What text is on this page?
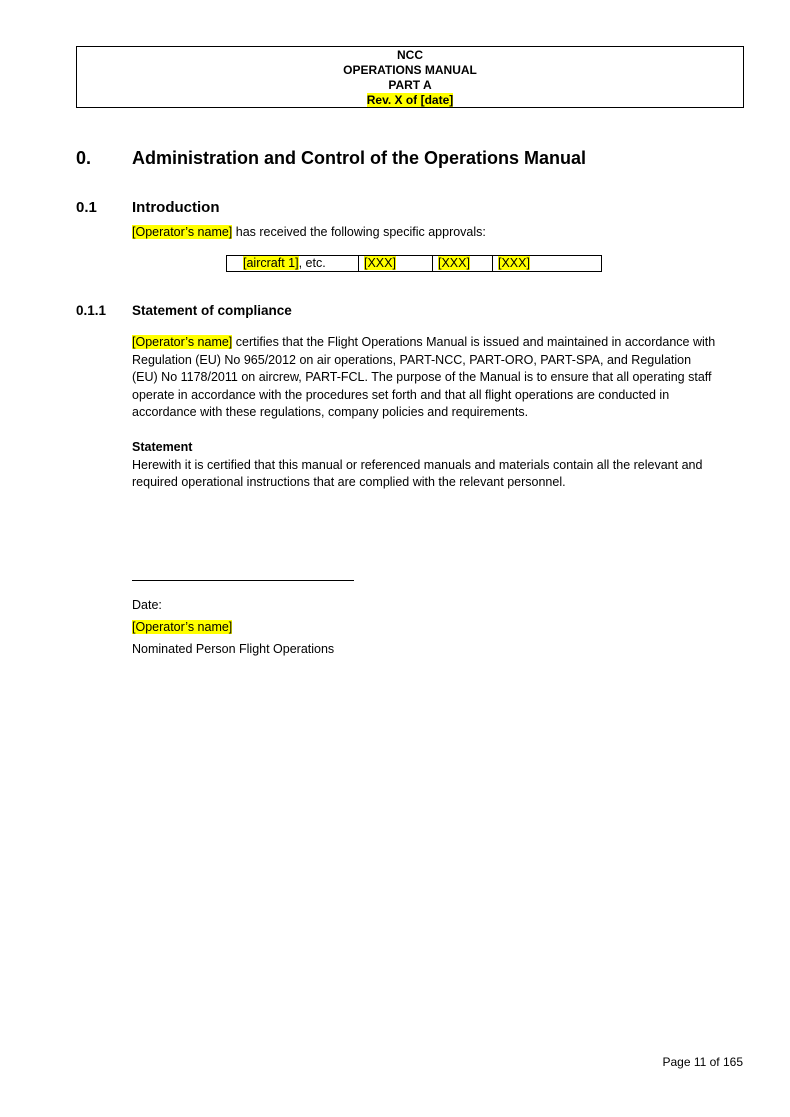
NCC
OPERATIONS MANUAL
PART A
Rev. X of [date]
0. Administration and Control of the Operations Manual
0.1 Introduction
[Operator’s name] has received the following specific approvals:
[aircraft 1], etc.	[XXX]	[XXX]	[XXX]
0.1.1 Statement of compliance
[Operator’s name] certifies that the Flight Operations Manual is issued and maintained in accordance with
Regulation (EU) No 965/2012 on air operations, PART-NCC, PART-ORO, PART-SPA, and Regulation
(EU) No 1178/2011 on aircrew, PART-FCL. The purpose of the Manual is to ensure that all operating staff
operate in accordance with the procedures set forth and that all flight operations are conducted in
accordance with these regulations, company policies and requirements.
Statement
Herewith it is certified that this manual or referenced manuals and materials contain all the relevant and
required operational instructions that are complied with the relevant personnel.
Date:
[Operator’s name]
Nominated Person Flight Operations
Page 11 of 165
